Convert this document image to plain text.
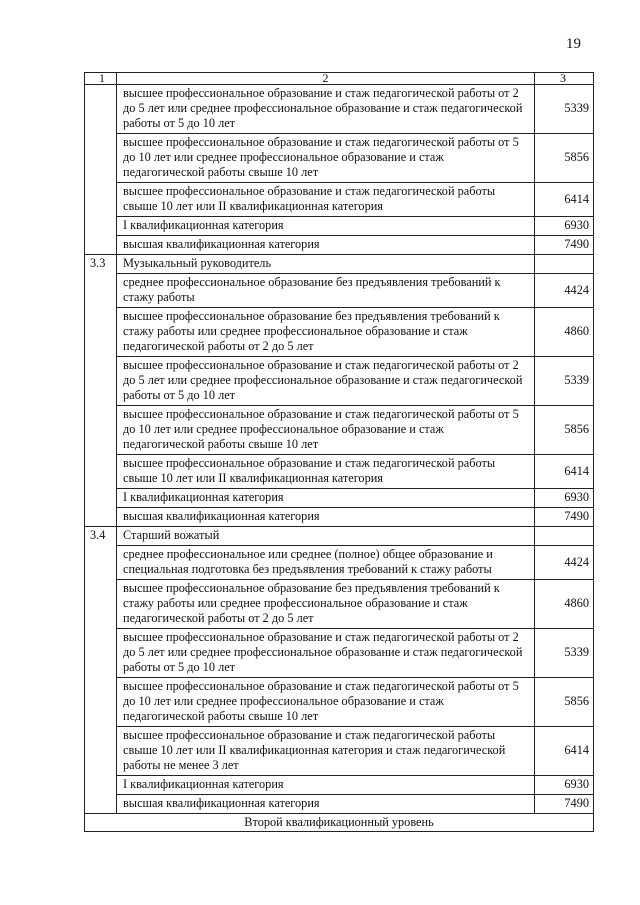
19
1	2	3
	высшее профессиональное образование и стаж педагогической работы от 2 до 5 лет или среднее профессиональное образование и стаж педагогической работы от 5 до 10 лет	5339
	высшее профессиональное образование и стаж педагогической работы от 5 до 10 лет или среднее профессиональное образование и стаж педагогической работы свыше 10 лет	5856
	высшее профессиональное образование и стаж педагогической работы свыше 10 лет или II квалификационная категория	6414
	I квалификационная категория	6930
	высшая квалификационная категория	7490
3.3	Музыкальный руководитель	
	среднее профессиональное образование без предъявления требований к стажу работы	4424
	высшее профессиональное образование без предъявления требований к стажу работы или среднее профессиональное образование и стаж педагогической работы от 2 до 5 лет	4860
	высшее профессиональное образование и стаж педагогической работы от 2 до 5 лет или среднее профессиональное образование и стаж педагогической работы от 5 до 10 лет	5339
	высшее профессиональное образование и стаж педагогической работы от 5 до 10 лет или среднее профессиональное образование и стаж педагогической работы свыше 10 лет	5856
	высшее профессиональное образование и стаж педагогической работы свыше 10 лет или II квалификационная категория	6414
	I квалификационная категория	6930
	высшая квалификационная категория	7490
3.4	Старший вожатый	
	среднее профессиональное или среднее (полное) общее образование и специальная подготовка без предъявления требований к стажу работы	4424
	высшее профессиональное образование без предъявления требований к стажу работы или среднее профессиональное образование и стаж педагогической работы от 2 до 5 лет	4860
	высшее профессиональное образование и стаж педагогической работы от 2 до 5 лет или среднее профессиональное образование и стаж педагогической работы от 5 до 10 лет	5339
	высшее профессиональное образование и стаж педагогической работы от 5 до 10 лет или среднее профессиональное образование и стаж педагогической работы свыше 10 лет	5856
	высшее профессиональное образование и стаж педагогической работы свыше 10 лет или II квалификационная категория и стаж педагогической работы не менее 3 лет	6414
	I квалификационная категория	6930
	высшая квалификационная категория	7490
Второй квалификационный уровень		
